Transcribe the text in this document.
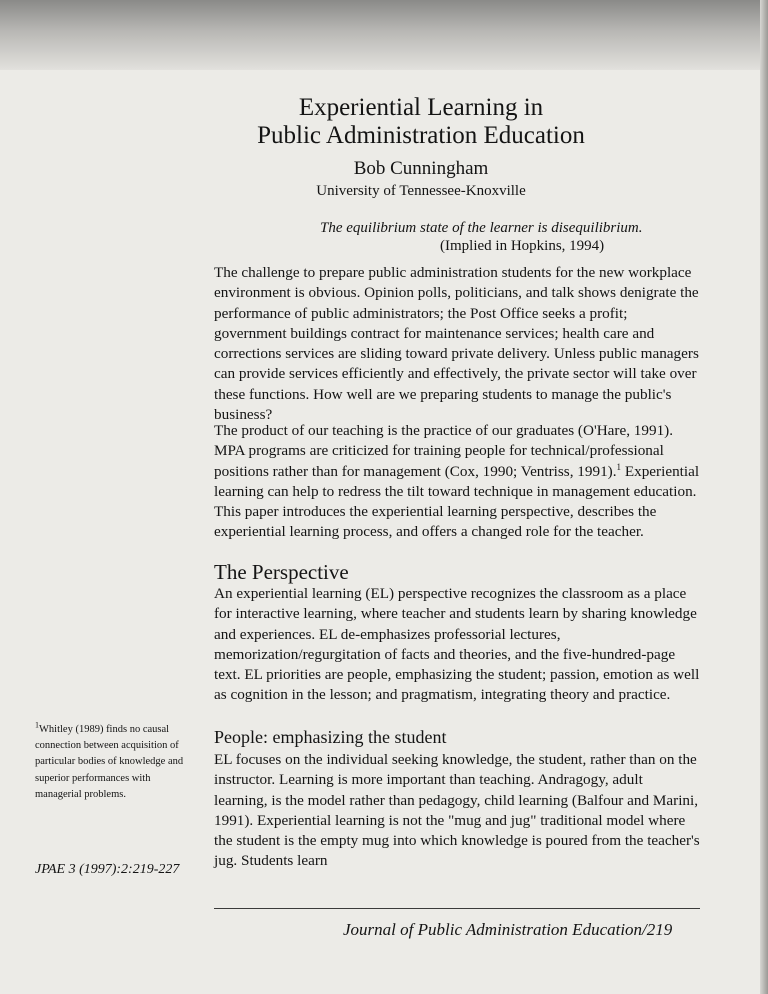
Experiential Learning in
Public Administration Education
Bob Cunningham
University of Tennessee-Knoxville
The equilibrium state of the learner is disequilibrium.
(Implied in Hopkins, 1994)

The challenge to prepare public administration students for the new workplace environment is obvious. Opinion polls, politicians, and talk shows denigrate the performance of public administrators; the Post Office seeks a profit; government buildings contract for maintenance services; health care and corrections services are sliding toward private delivery. Unless public managers can provide services efficiently and effectively, the private sector will take over these functions. How well are we preparing students to manage the public's business?

The product of our teaching is the practice of our graduates (O'Hare, 1991). MPA programs are criticized for training people for technical/professional positions rather than for management (Cox, 1990; Ventriss, 1991).$^1$ Experiential learning can help to redress the tilt toward technique in management education. This paper introduces the experiential learning perspective, describes the experiential learning process, and offers a changed role for the teacher.

The Perspective

An experiential learning (EL) perspective recognizes the classroom as a place for interactive learning, where teacher and students learn by sharing knowledge and experiences. EL de-emphasizes professorial lectures, memorization/regurgitation of facts and theories, and the five-hundred-page text. EL priorities are people, emphasizing the student; passion, emotion as well as cognition in the lesson; and pragmatism, integrating theory and practice.

People: emphasizing the student

EL focuses on the individual seeking knowledge, the student, rather than on the instructor. Learning is more important than teaching. Andragogy, adult learning, is the model rather than pedagogy, child learning (Balfour and Marini, 1991). Experiential learning is not the "mug and jug" traditional model where the student is the empty mug into which knowledge is poured from the teacher's jug. Students learn

$^1$Whitley (1989) finds no causal connection between acquisition of particular bodies of knowledge and superior performances with managerial problems.
JPAE 3 (1997):2:219-227
Journal of Public Administration Education/219
